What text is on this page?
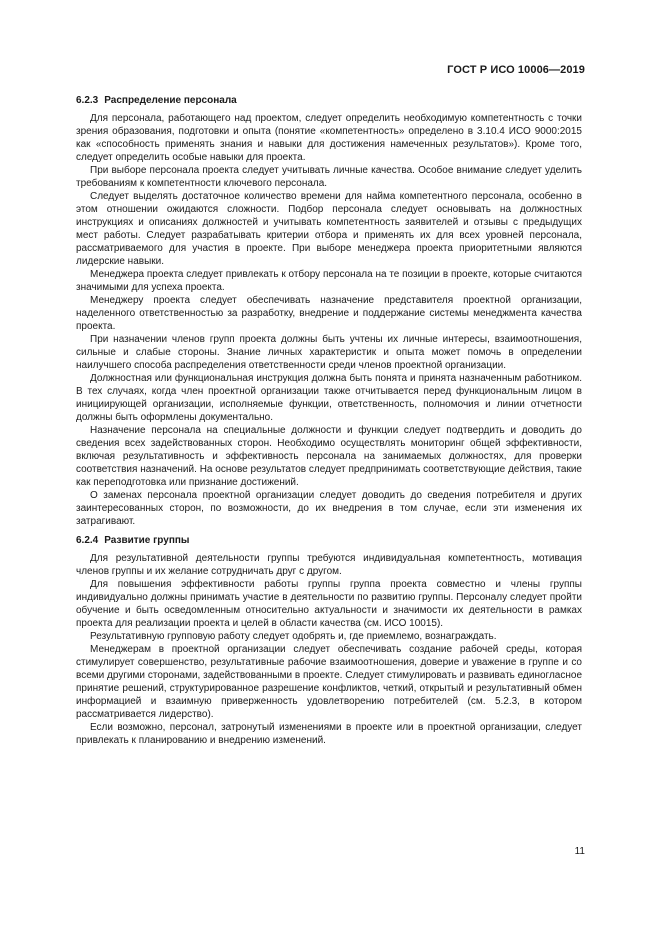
ГОСТ Р ИСО 10006—2019
6.2.3 Распределение персонала

Для персонала, работающего над проектом, следует определить необходимую компетентность с точки зрения образования, подготовки и опыта (понятие «компетентность» определено в 3.10.4 ИСО 9000:2015 как «способность применять знания и навыки для достижения намеченных результатов»). Кроме того, следует определить особые навыки для проекта.

При выборе персонала проекта следует учитывать личные качества. Особое внимание следует уделить требованиям к компетентности ключевого персонала.

Следует выделять достаточное количество времени для найма компетентного персонала, особенно в этом отношении ожидаются сложности. Подбор персонала следует основывать на должностных инструкциях и описаниях должностей и учитывать компетентность заявителей и отзывы с предыдущих мест работы. Следует разрабатывать критерии отбора и применять их для всех уровней персонала, рассматриваемого для участия в проекте. При выборе менеджера проекта приоритетными являются лидерские навыки.

Менеджера проекта следует привлекать к отбору персонала на те позиции в проекте, которые считаются значимыми для успеха проекта.

Менеджеру проекта следует обеспечивать назначение представителя проектной организации, наделенного ответственностью за разработку, внедрение и поддержание системы менеджмента качества проекта.

При назначении членов групп проекта должны быть учтены их личные интересы, взаимоотношения, сильные и слабые стороны. Знание личных характеристик и опыта может помочь в определении наилучшего способа распределения ответственности среди членов проектной организации.

Должностная или функциональная инструкция должна быть понята и принята назначенным работником. В тех случаях, когда член проектной организации также отчитывается перед функциональным лицом в инициирующей организации, исполняемые функции, ответственность, полномочия и линии отчетности должны быть оформлены документально.

Назначение персонала на специальные должности и функции следует подтвердить и доводить до сведения всех задействованных сторон. Необходимо осуществлять мониторинг общей эффективности, включая результативность и эффективность персонала на занимаемых должностях, для проверки соответствия назначений. На основе результатов следует предпринимать соответствующие действия, такие как переподготовка или признание достижений.

О заменах персонала проектной организации следует доводить до сведения потребителя и других заинтересованных сторон, по возможности, до их внедрения в том случае, если эти изменения их затрагивают.

6.2.4 Развитие группы

Для результативной деятельности группы требуются индивидуальная компетентность, мотивация членов группы и их желание сотрудничать друг с другом.

Для повышения эффективности работы группы группа проекта совместно и члены группы индивидуально должны принимать участие в деятельности по развитию группы. Персоналу следует пройти обучение и быть осведомленным относительно актуальности и значимости их деятельности в рамках проекта для реализации проекта и целей в области качества (см. ИСО 10015).

Результативную групповую работу следует одобрять и, где приемлемо, вознаграждать.

Менеджерам в проектной организации следует обеспечивать создание рабочей среды, которая стимулирует совершенство, результативные рабочие взаимоотношения, доверие и уважение в группе и со всеми другими сторонами, задействованными в проекте. Следует стимулировать и развивать единогласное принятие решений, структурированное разрешение конфликтов, четкий, открытый и результативный обмен информацией и взаимную приверженность удовлетворению потребителей (см. 5.2.3, в котором рассматривается лидерство).

Если возможно, персонал, затронутый изменениями в проекте или в проектной организации, следует привлекать к планированию и внедрению изменений.

11
